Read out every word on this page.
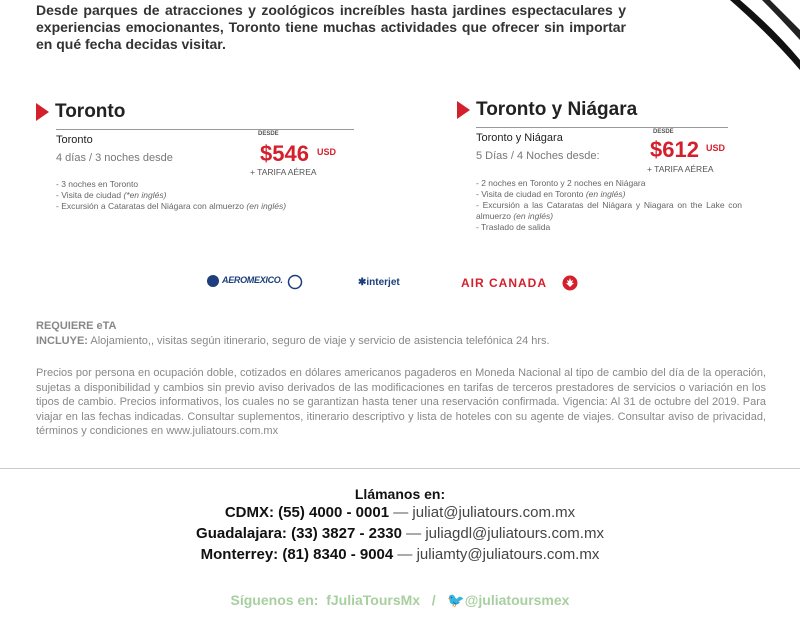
Desde parques de atracciones y zoológicos increíbles hasta jardines espectaculares y experiencias emocionantes, Toronto tiene muchas actividades que ofrecer sin importar en qué fecha decidas visitar.
Toronto
Toronto
4 días / 3 noches desde
DESDE
$546 USD
+ TARIFA AÉREA
- 3 noches en Toronto
- Visita de ciudad (*en inglés)
- Excursión a Cataratas del Niágara con almuerzo (en inglés)
Toronto y Niágara
Toronto y Niágara
5 Días / 4 Noches desde:
DESDE
$612 USD
+ TARIFA AÉREA
- 2 noches en Toronto y 2 noches en Niágara
- Visita de ciudad en Toronto (en inglés)
- Excursión a las Cataratas del Niágara y Niagara on the Lake con almuerzo (en inglés)
- Traslado de salida
AEROMEXICO.	✱interjet	AIR CANADA
REQUIERE eTA
INCLUYE: Alojamiento,, visitas según itinerario, seguro de viaje y servicio de asistencia telefónica 24 hrs.
Precios por persona en ocupación doble, cotizados en dólares americanos pagaderos en Moneda Nacional al tipo de cambio del día de la operación, sujetas a disponibilidad y cambios sin previo aviso derivados de las modificaciones en tarifas de terceros prestadores de servicios o variación en los tipos de cambio. Precios informativos, los cuales no se garantizan hasta tener una reservación confirmada. Vigencia: Al 31 de octubre del 2019. Para viajar en las fechas indicadas. Consultar suplementos, itinerario descriptivo y lista de hoteles con su agente de viajes. Consultar aviso de privacidad, términos y condiciones en www.juliatours.com.mx
Llámanos en:
CDMX: (55) 4000 - 0001 — juliat@juliatours.com.mx
Guadalajara: (33) 3827 - 2330 — juliagdl@juliatours.com.mx
Monterrey: (81) 8340 - 9004 — juliamty@juliatours.com.mx
Síguenos en: fJuliaToursMx / 🐦@juliatoursmex
